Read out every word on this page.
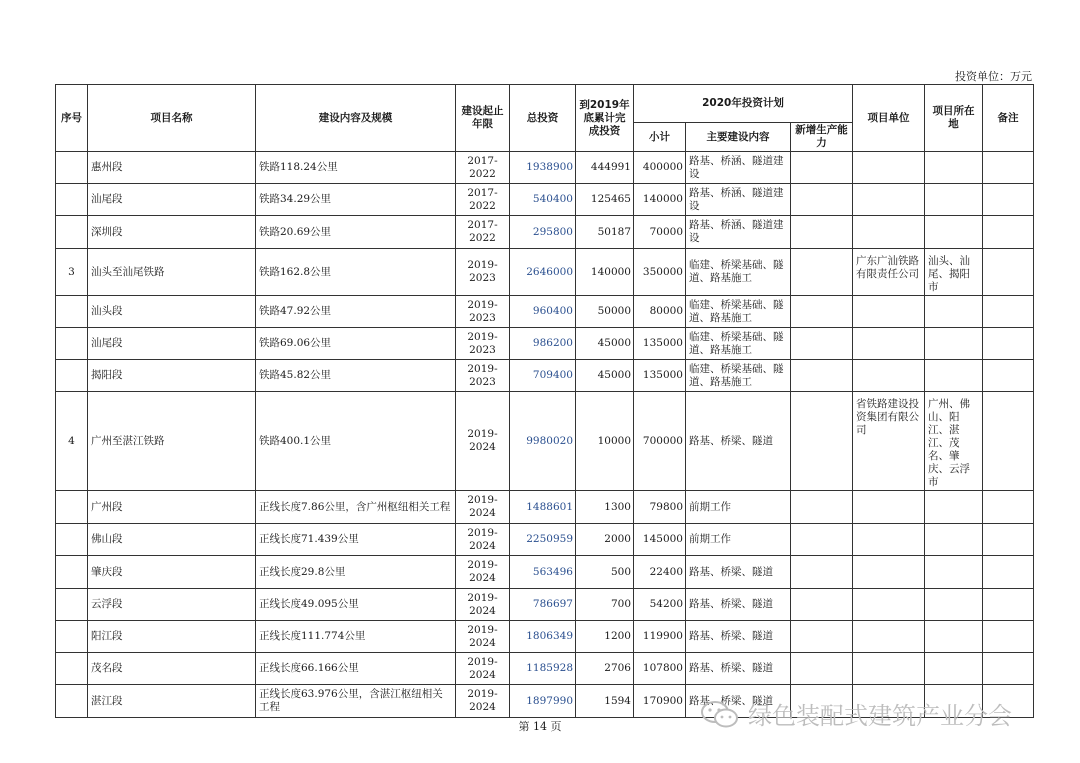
投资单位：万元
序号	项目名称	建设内容及规模	建设起止年限	总投资	到2019年底累计完成投资	2020年投资计划			项目单位	项目所在地	备注
						小计	主要建设内容	新增生产能力			
	惠州段	铁路118.24公里	2017-2022	1938900	444991	400000	路基、桥涵、隧道建设				
	汕尾段	铁路34.29公里	2017-2022	540400	125465	140000	路基、桥涵、隧道建设				
	深圳段	铁路20.69公里	2017-2022	295800	50187	70000	路基、桥涵、隧道建设				
3	汕头至汕尾铁路	铁路162.8公里	2019-2023	2646000	140000	350000	临建、桥梁基础、隧道、路基施工		广东广汕铁路有限责任公司	汕头、汕尾、揭阳市	
	汕头段	铁路47.92公里	2019-2023	960400	50000	80000	临建、桥梁基础、隧道、路基施工				
	汕尾段	铁路69.06公里	2019-2023	986200	45000	135000	临建、桥梁基础、隧道、路基施工				
	揭阳段	铁路45.82公里	2019-2023	709400	45000	135000	临建、桥梁基础、隧道、路基施工				
4	广州至湛江铁路	铁路400.1公里	2019-2024	9980020	10000	700000	路基、桥梁、隧道		省铁路建设投资集团有限公司	广州、佛山、阳江、湛江、茂名、肇庆、云浮市	
	广州段	正线长度7.86公里，含广州枢纽相关工程	2019-2024	1488601	1300	79800	前期工作				
	佛山段	正线长度71.439公里	2019-2024	2250959	2000	145000	前期工作				
	肇庆段	正线长度29.8公里	2019-2024	563496	500	22400	路基、桥梁、隧道				
	云浮段	正线长度49.095公里	2019-2024	786697	700	54200	路基、桥梁、隧道				
	阳江段	正线长度111.774公里	2019-2024	1806349	1200	119900	路基、桥梁、隧道				
	茂名段	正线长度66.166公里	2019-2024	1185928	2706	107800	路基、桥梁、隧道				
	湛江段	正线长度63.976公里，含湛江枢纽相关工程	2019-2024	1897990	1594	170900	路基、桥梁、隧道				
第 14 页	绿色装配式建筑产业分会
